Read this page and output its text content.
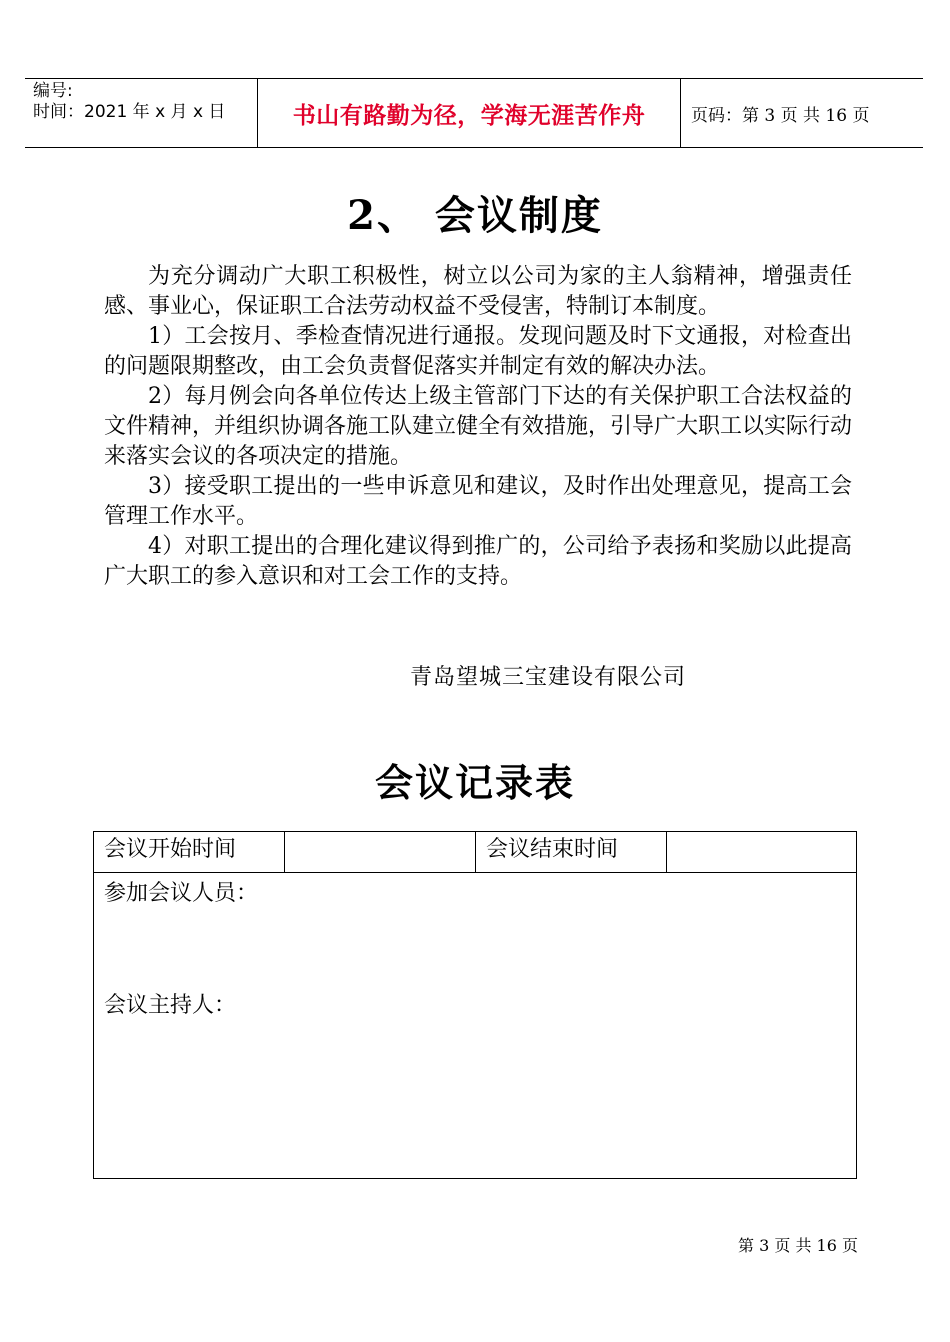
编号:
时间：2021 年 x 月 x 日	书山有路勤为径，学海无涯苦作舟	页码：第 3 页 共 16 页
2、 会议制度

为充分调动广大职工积极性，树立以公司为家的主人翁精神，增强责任感、事业心，保证职工合法劳动权益不受侵害，特制订本制度。

1）工会按月、季检查情况进行通报。发现问题及时下文通报，对检查出的问题限期整改，由工会负责督促落实并制定有效的解决办法。

2）每月例会向各单位传达上级主管部门下达的有关保护职工合法权益的文件精神，并组织协调各施工队建立健全有效措施，引导广大职工以实际行动来落实会议的各项决定的措施。

3）接受职工提出的一些申诉意见和建议，及时作出处理意见，提高工会管理工作水平。

4）对职工提出的合理化建议得到推广的，公司给予表扬和奖励以此提高广大职工的参入意识和对工会工作的支持。

青岛望城三宝建设有限公司
会议记录表
会议开始时间		会议结束时间	

参加会议人员：
会议主持人：
第 3 页 共 16 页
